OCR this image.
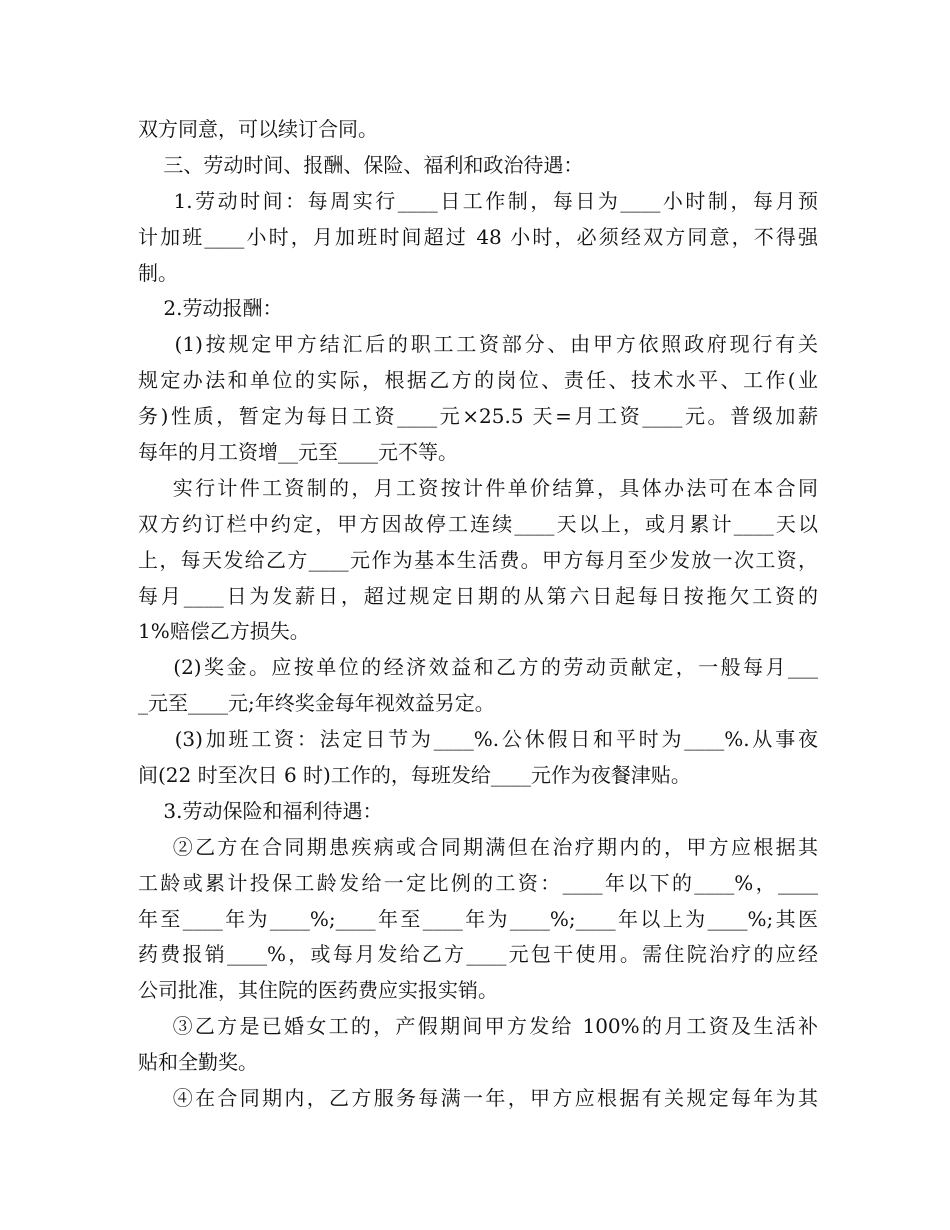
双方同意，可以续订合同。
三、劳动时间、报酬、保险、福利和政治待遇：
1.劳动时间：每周实行____日工作制，每日为____小时制，每月预
计加班____小时，月加班时间超过 48 小时，必须经双方同意，不得强
制。
2.劳动报酬：
(1)按规定甲方结汇后的职工工资部分、由甲方依照政府现行有关
规定办法和单位的实际，根据乙方的岗位、责任、技术水平、工作(业
务)性质，暂定为每日工资____元×25.5 天=月工资____元。普级加薪
每年的月工资增__元至____元不等。
实行计件工资制的，月工资按计件单价结算，具体办法可在本合同
双方约订栏中约定，甲方因故停工连续____天以上，或月累计____天以
上，每天发给乙方____元作为基本生活费。甲方每月至少发放一次工资，
每月____日为发薪日，超过规定日期的从第六日起每日按拖欠工资的
1%赔偿乙方损失。
(2)奖金。应按单位的经济效益和乙方的劳动贡献定，一般每月___
_元至____元;年终奖金每年视效益另定。
(3)加班工资：法定日节为____%.公休假日和平时为____%.从事夜
间(22 时至次日 6 时)工作的，每班发给____元作为夜餐津贴。
3.劳动保险和福利待遇：
②乙方在合同期患疾病或合同期满但在治疗期内的，甲方应根据其
工龄或累计投保工龄发给一定比例的工资：____年以下的____%，____
年至____年为____%;____年至____年为____%;____年以上为____%;其医
药费报销____%，或每月发给乙方____元包干使用。需住院治疗的应经
公司批准，其住院的医药费应实报实销。
③乙方是已婚女工的，产假期间甲方发给 100%的月工资及生活补
贴和全勤奖。
④在合同期内，乙方服务每满一年，甲方应根据有关规定每年为其
